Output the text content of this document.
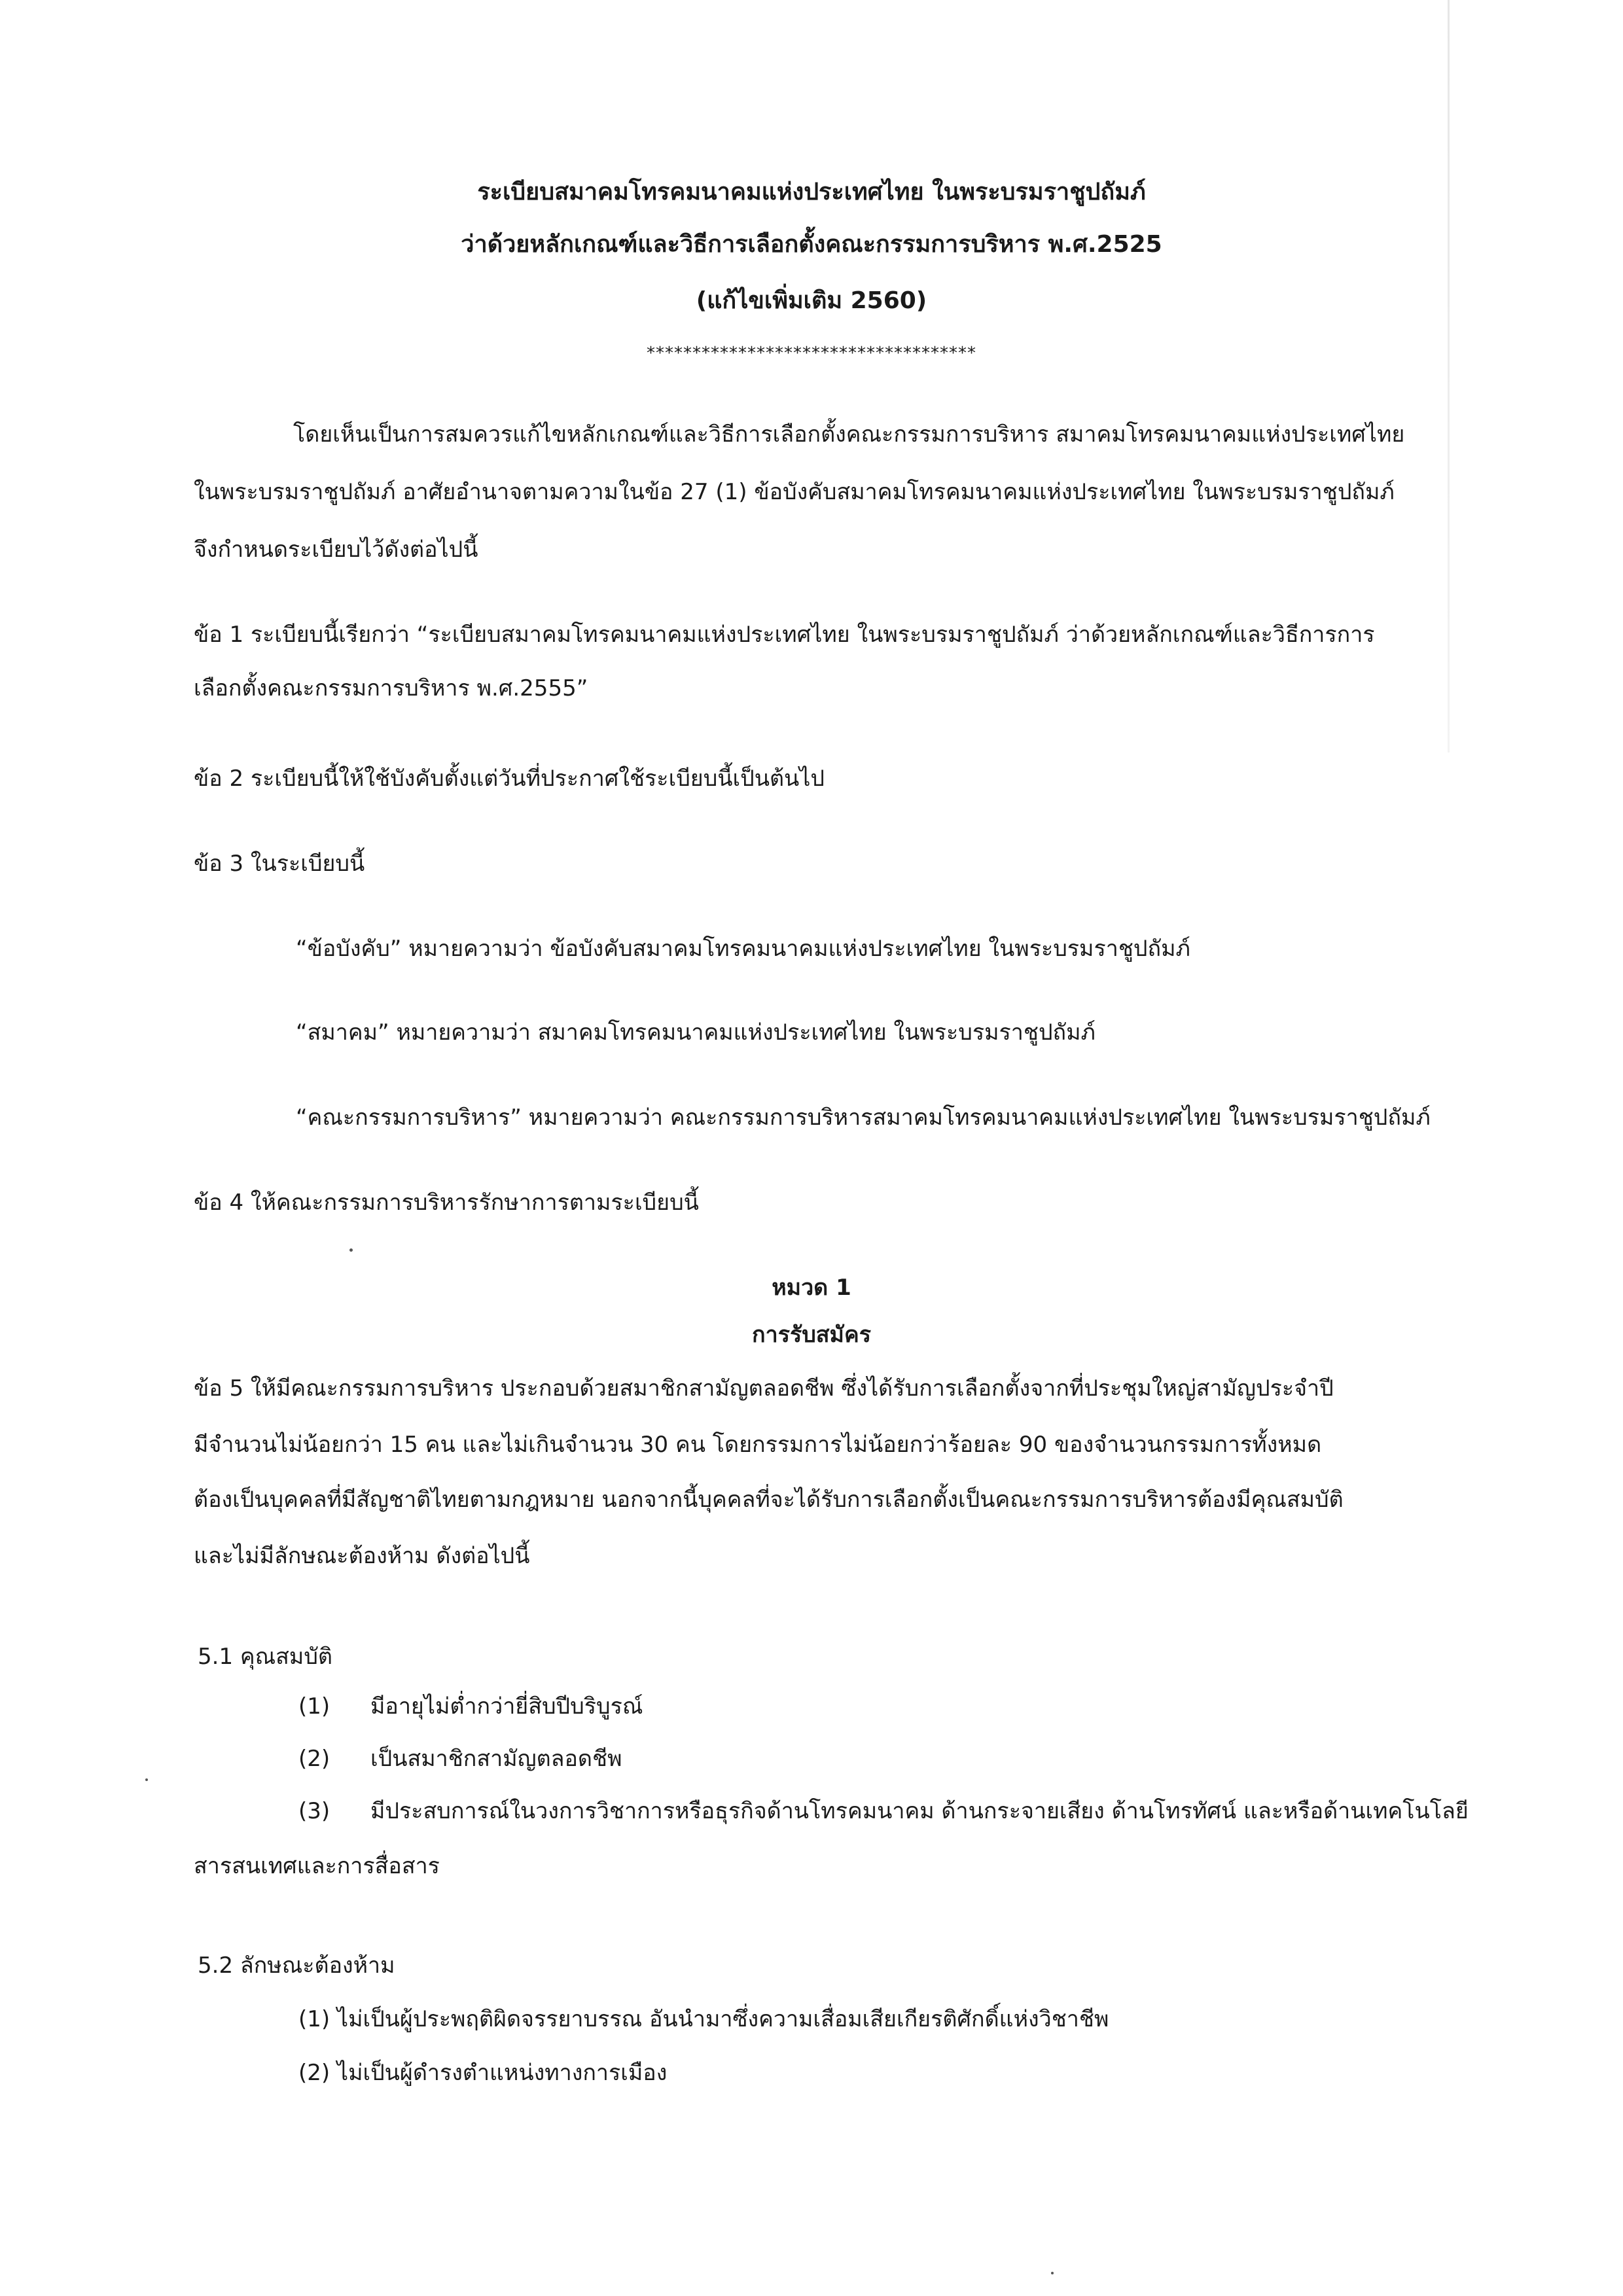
ระเบียบสมาคมโทรคมนาคมแห่งประเทศไทย ในพระบรมราชูปถัมภ์
ว่าด้วยหลักเกณฑ์และวิธีการเลือกตั้งคณะกรรมการบริหาร พ.ศ.2525
(แก้ไขเพิ่มเติม 2560)
************************************
โดยเห็นเป็นการสมควรแก้ไขหลักเกณฑ์และวิธีการเลือกตั้งคณะกรรมการบริหาร สมาคมโทรคมนาคมแห่งประเทศไทย
ในพระบรมราชูปถัมภ์ อาศัยอำนาจตามความในข้อ 27 (1) ข้อบังคับสมาคมโทรคมนาคมแห่งประเทศไทย ในพระบรมราชูปถัมภ์
จึงกำหนดระเบียบไว้ดังต่อไปนี้
ข้อ 1 ระเบียบนี้เรียกว่า “ระเบียบสมาคมโทรคมนาคมแห่งประเทศไทย ในพระบรมราชูปถัมภ์ ว่าด้วยหลักเกณฑ์และวิธีการการ
เลือกตั้งคณะกรรมการบริหาร พ.ศ.2555”
ข้อ 2 ระเบียบนี้ให้ใช้บังคับตั้งแต่วันที่ประกาศใช้ระเบียบนี้เป็นต้นไป
ข้อ 3 ในระเบียบนี้
“ข้อบังคับ” หมายความว่า ข้อบังคับสมาคมโทรคมนาคมแห่งประเทศไทย ในพระบรมราชูปถัมภ์
“สมาคม” หมายความว่า สมาคมโทรคมนาคมแห่งประเทศไทย ในพระบรมราชูปถัมภ์
“คณะกรรมการบริหาร” หมายความว่า คณะกรรมการบริหารสมาคมโทรคมนาคมแห่งประเทศไทย ในพระบรมราชูปถัมภ์
ข้อ 4 ให้คณะกรรมการบริหารรักษาการตามระเบียบนี้
หมวด 1
การรับสมัคร
ข้อ 5 ให้มีคณะกรรมการบริหาร ประกอบด้วยสมาชิกสามัญตลอดชีพ ซึ่งได้รับการเลือกตั้งจากที่ประชุมใหญ่สามัญประจำปี
มีจำนวนไม่น้อยกว่า 15 คน และไม่เกินจำนวน 30 คน โดยกรรมการไม่น้อยกว่าร้อยละ 90 ของจำนวนกรรมการทั้งหมด
ต้องเป็นบุคคลที่มีสัญชาติไทยตามกฎหมาย นอกจากนี้บุคคลที่จะได้รับการเลือกตั้งเป็นคณะกรรมการบริหารต้องมีคุณสมบัติ
และไม่มีลักษณะต้องห้าม ดังต่อไปนี้
5.1 คุณสมบัติ
(1) มีอายุไม่ต่ำกว่ายี่สิบปีบริบูรณ์
(2) เป็นสมาชิกสามัญตลอดชีพ
(3) มีประสบการณ์ในวงการวิชาการหรือธุรกิจด้านโทรคมนาคม ด้านกระจายเสียง ด้านโทรทัศน์ และหรือด้านเทคโนโลยี
สารสนเทศและการสื่อสาร
5.2 ลักษณะต้องห้าม
(1) ไม่เป็นผู้ประพฤติผิดจรรยาบรรณ อันนำมาซึ่งความเสื่อมเสียเกียรติศักดิ์แห่งวิชาชีพ
(2) ไม่เป็นผู้ดำรงตำแหน่งทางการเมือง
